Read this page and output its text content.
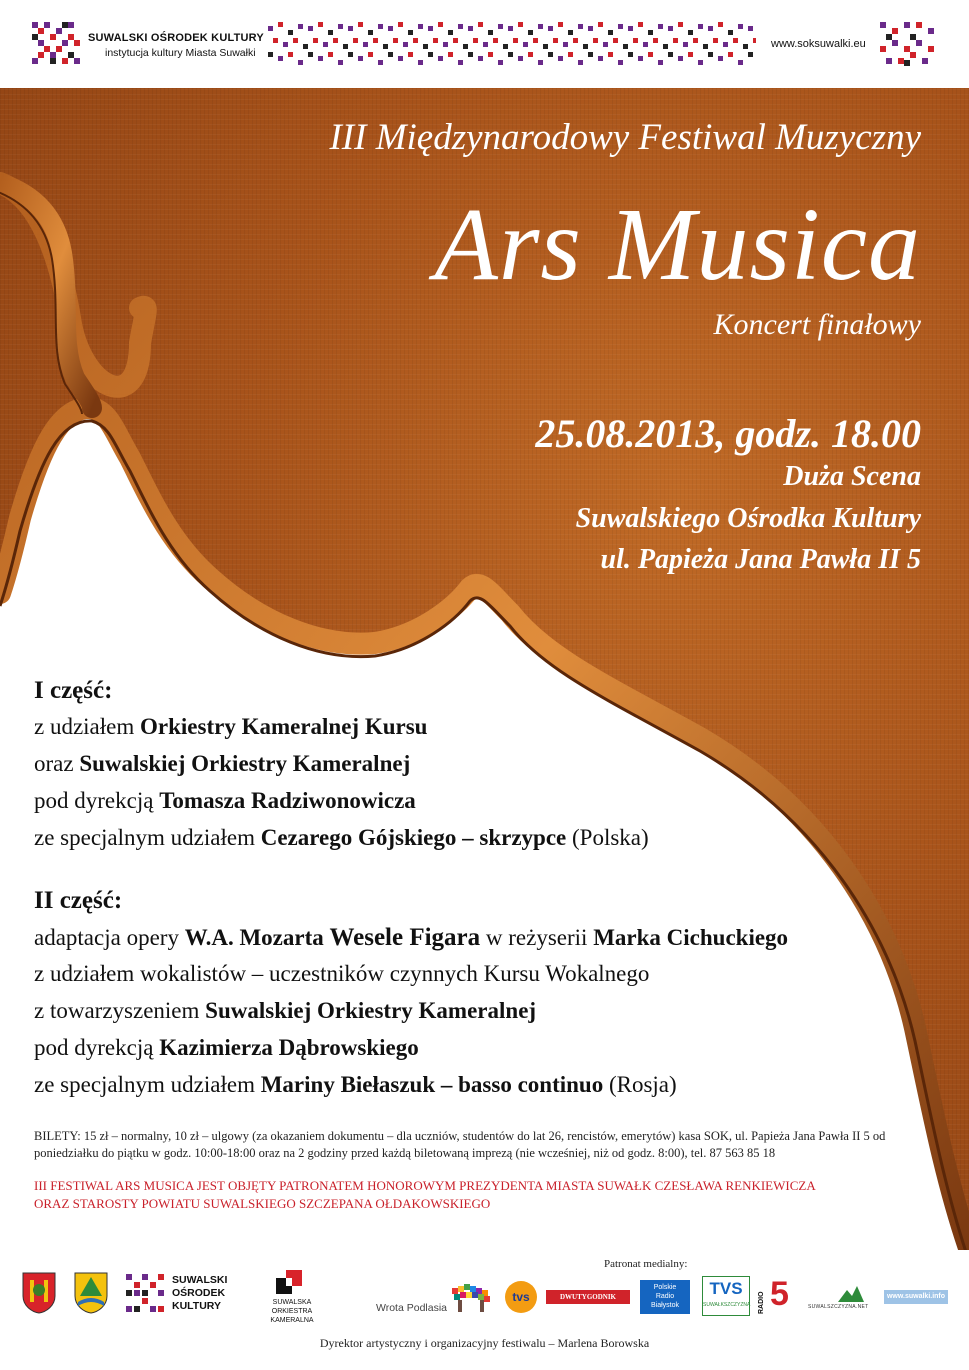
SUWALSKI OŚRODEK KULTURY
instytucja kultury Miasta Suwałki
www.soksuwalki.eu
III Międzynarodowy Festiwal Muzyczny
Ars Musica
Koncert finałowy
25.08.2013, godz. 18.00
Duża Scena
Suwalskiego Ośrodka Kultury
ul. Papieża Jana Pawła II 5
I część:
z udziałem Orkiestry Kameralnej Kursu
oraz Suwalskiej Orkiestry Kameralnej
pod dyrekcją Tomasza Radziwonowicza
ze specjalnym udziałem Cezarego Gójskiego – skrzypce (Polska)
II część:
adaptacja opery W.A. Mozarta Wesele Figara w reżyserii Marka Cichuckiego
z udziałem wokalistów – uczestników czynnych Kursu Wokalnego
z towarzyszeniem Suwalskiej Orkiestry Kameralnej
pod dyrekcją Kazimierza Dąbrowskiego
ze specjalnym udziałem Mariny Biełaszuk – basso continuo (Rosja)
BILETY: 15 zł – normalny, 10 zł – ulgowy (za okazaniem dokumentu – dla uczniów, studentów do lat 26, rencistów, emerytów) kasa SOK, ul. Papieża Jana Pawła II 5 od poniedziałku do piątku w godz. 10:00-18:00 oraz na 2 godziny przed każdą biletowaną imprezą (nie wcześniej, niż od godz. 8:00), tel. 87 563 85 18
III FESTIWAL ARS MUSICA JEST OBJĘTY PATRONATEM HONOROWYM PREZYDENTA MIASTA SUWAŁK CZESŁAWA RENKIEWICZA
ORAZ STAROSTY POWIATU SUWALSKIEGO SZCZEPANA OŁDAKOWSKIEGO
Patronat medialny:
SUWALSKI
OŚRODEK
KULTURY	SUWALSKA
ORKIESTRA KAMERALNA
Wrota Podlasia
tvs	DWUTYGODNIK SUWALSKI
Polskie
Radio
Białystok
TVS
SUWAŁKSZCZYZNA RADIO 5	SUWALSZCZYZNA.NET
www.suwalki.info
Dyrektor artystyczny i organizacyjny festiwalu – Marlena Borowska
